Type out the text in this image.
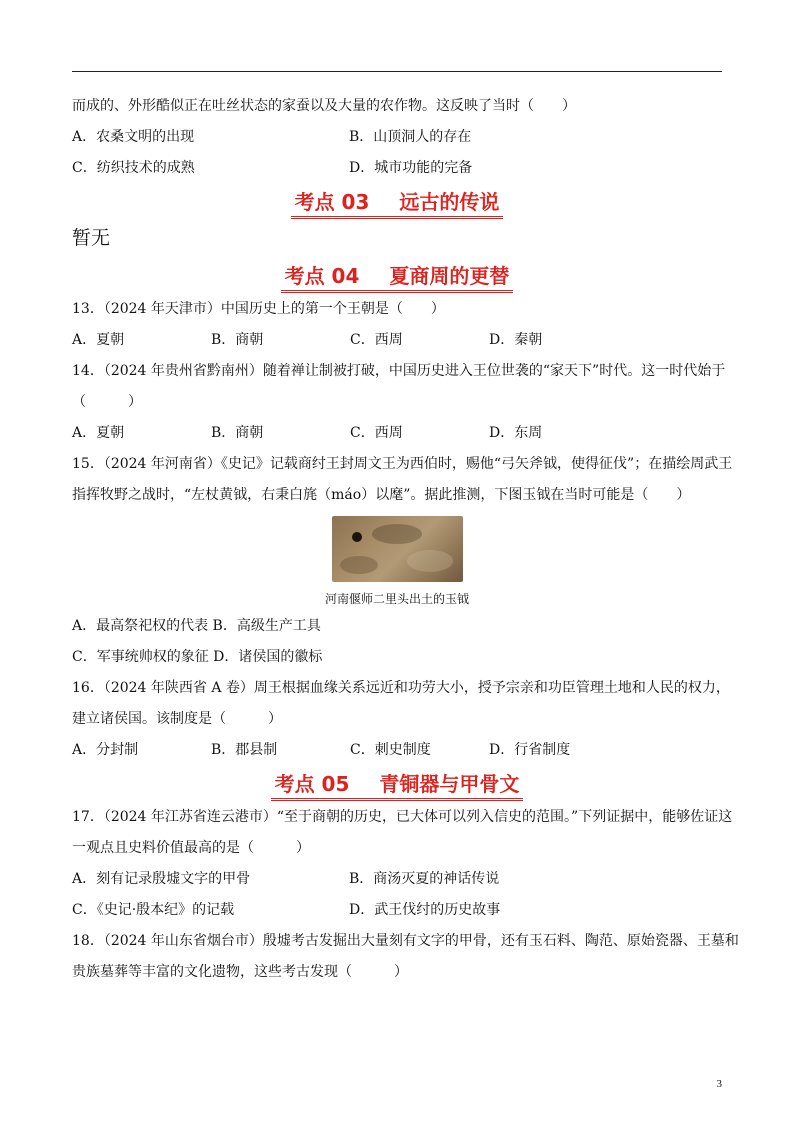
而成的、外形酷似正在吐丝状态的家蚕以及大量的农作物。这反映了当时（　　）
A．农桑文明的出现	B．山顶洞人的存在
C．纺织技术的成熟	D．城市功能的完备
考点 03 远古的传说
暂无
考点 04 夏商周的更替
13．（2024 年天津市）中国历史上的第一个王朝是（　　）
A．夏朝	B．商朝	C．西周	D．秦朝
14．（2024 年贵州省黔南州）随着禅让制被打破，中国历史进入王位世袭的“家天下”时代。这一时代始于
（　　　）
A．夏朝	B．商朝	C．西周	D．东周
15．（2024 年河南省）《史记》记载商纣王封周文王为西伯时，赐他“弓矢斧钺，使得征伐”；在描绘周武王
指挥牧野之战时，“左杖黄钺，右秉白旄（máo）以麾”。据此推测，下图玉钺在当时可能是（　　）
河南偃师二里头出土的玉钺
A．最高祭祀权的代表 B．高级生产工具
C．军事统帅权的象征 D．诸侯国的徽标
16．（2024 年陕西省 A 卷）周王根据血缘关系远近和功劳大小，授予宗亲和功臣管理土地和人民的权力，
建立诸侯国。该制度是（　　　）
A．分封制	B．郡县制	C．刺史制度	D．行省制度
考点 05 青铜器与甲骨文
17．（2024 年江苏省连云港市）“至于商朝的历史，已大体可以列入信史的范围。”下列证据中，能够佐证这
一观点且史料价值最高的是（　　　）
A．刻有记录殷墟文字的甲骨	B．商汤灭夏的神话传说
C．《史记·殷本纪》的记载	D．武王伐纣的历史故事
18．（2024 年山东省烟台市）殷墟考古发掘出大量刻有文字的甲骨，还有玉石料、陶范、原始瓷器、王墓和
贵族墓葬等丰富的文化遗物，这些考古发现（　　　）
3
